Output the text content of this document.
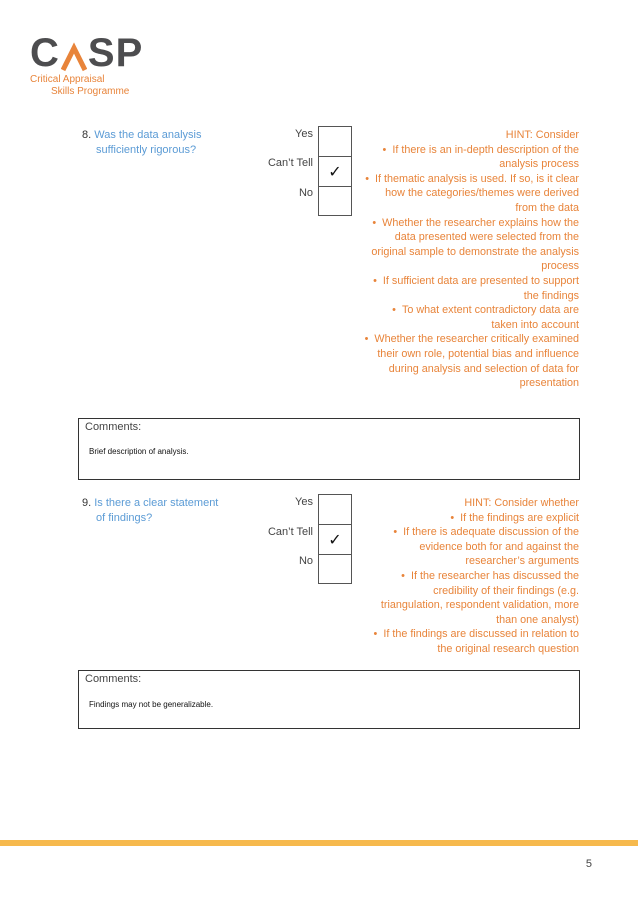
C SP
Critical Appraisal
Skills Programme
8. Was the data analysis
sufficiently rigorous?
Yes
Can’t Tell
No
✓
HINT: Consider
• If there is an in-depth description of the
analysis process
• If thematic analysis is used. If so, is it clear
how the categories/themes were derived
from the data
• Whether the researcher explains how the
data presented were selected from the
original sample to demonstrate the analysis
process
• If sufficient data are presented to support
the findings
• To what extent contradictory data are
taken into account
• Whether the researcher critically examined
their own role, potential bias and influence
during analysis and selection of data for
presentation
Comments:
Brief description of analysis.
9. Is there a clear statement
of findings?
Yes
Can’t Tell
No
✓
HINT: Consider whether
• If the findings are explicit
• If there is adequate discussion of the
evidence both for and against the
researcher’s arguments
• If the researcher has discussed the
credibility of their findings (e.g.
triangulation, respondent validation, more
than one analyst)
• If the findings are discussed in relation to
the original research question
Comments:
Findings may not be generalizable.
5
